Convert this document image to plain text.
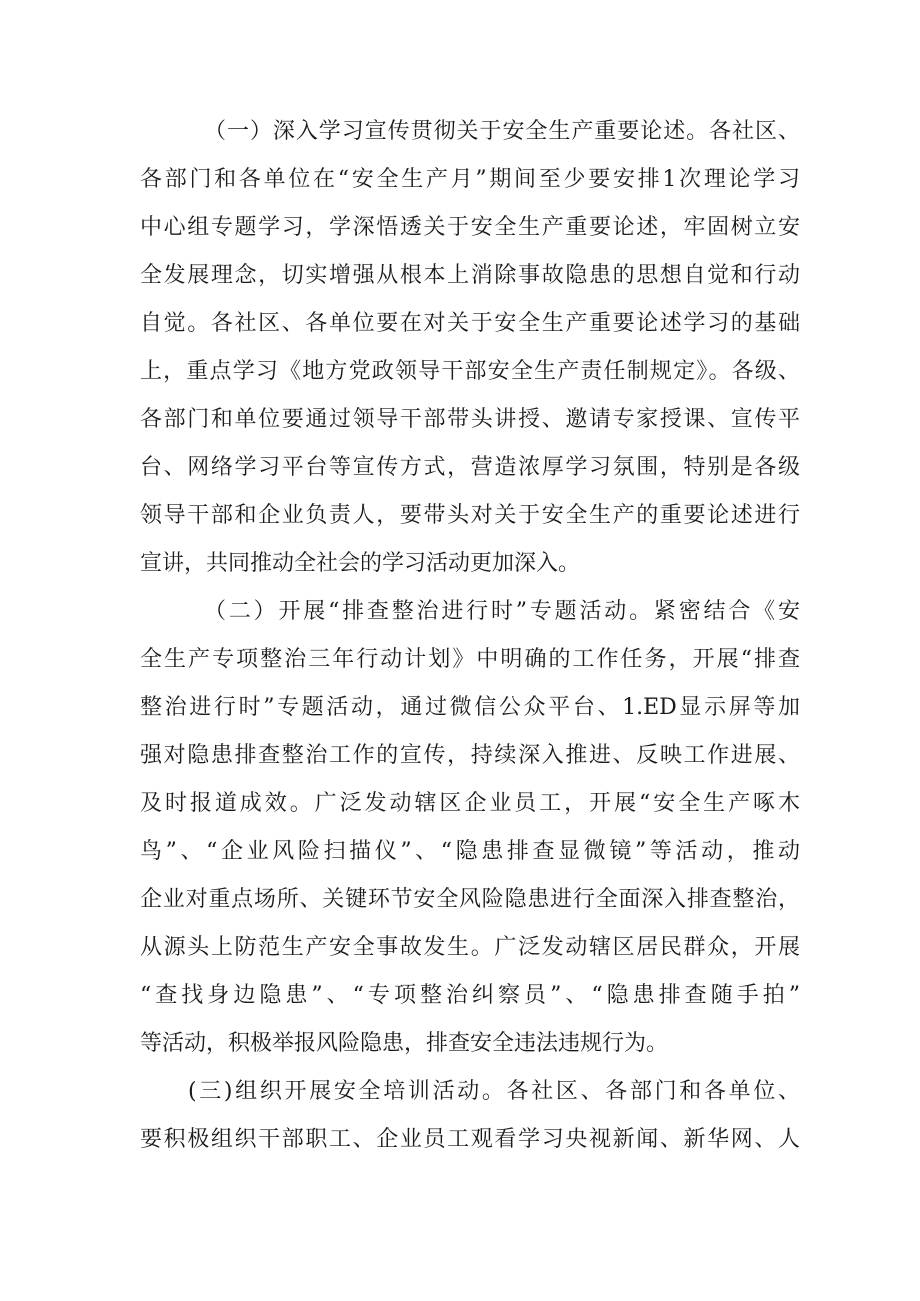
（一）深入学习宣传贯彻关于安全生产重要论述。各社区、
各部门和各单位在“安全生产月”期间至少要安排1次理论学习
中心组专题学习，学深悟透关于安全生产重要论述，牢固树立安
全发展理念，切实增强从根本上消除事故隐患的思想自觉和行动
自觉。各社区、各单位要在对关于安全生产重要论述学习的基础
上，重点学习《地方党政领导干部安全生产责任制规定》。各级、
各部门和单位要通过领导干部带头讲授、邀请专家授课、宣传平
台、网络学习平台等宣传方式，营造浓厚学习氛围，特别是各级
领导干部和企业负责人，要带头对关于安全生产的重要论述进行
宣讲，共同推动全社会的学习活动更加深入。
（二）开展“排查整治进行时”专题活动。紧密结合《安
全生产专项整治三年行动计划》中明确的工作任务，开展“排查
整治进行时”专题活动，通过微信公众平台、1.ED显示屏等加
强对隐患排查整治工作的宣传，持续深入推进、反映工作进展、
及时报道成效。广泛发动辖区企业员工，开展“安全生产啄木
鸟”、“企业风险扫描仪”、“隐患排查显微镜”等活动，推动
企业对重点场所、关键环节安全风险隐患进行全面深入排查整治，
从源头上防范生产安全事故发生。广泛发动辖区居民群众，开展
“查找身边隐患”、“专项整治纠察员”、“隐患排查随手拍”
等活动，积极举报风险隐患，排查安全违法违规行为。
(三)组织开展安全培训活动。各社区、各部门和各单位、
要积极组织干部职工、企业员工观看学习央视新闻、新华网、人
